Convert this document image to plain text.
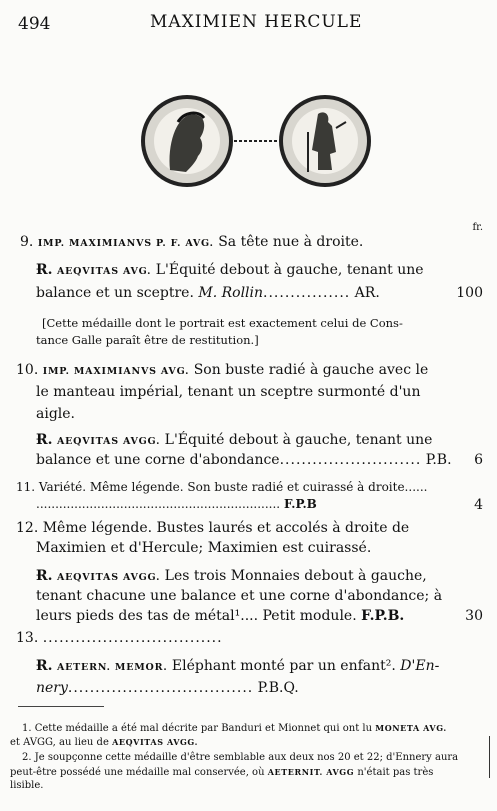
494	MAXIMIEN HERCULE
fr.
9. IMP. MAXIMIANVS P. F. AVG. Sa tête nue à droite.
Ɍ. AEQVITAS AVG. L'Équité debout à gauche, tenant une
balance et un sceptre. M. Rollin................ AR.	100
[Cette médaille dont le portrait est exactement celui de Cons-
tance Galle paraît être de restitution.]
10. IMP. MAXIMIANVS AVG. Son buste radié à gauche avec le
le manteau impérial, tenant un sceptre surmonté d'un
aigle.
Ɍ. AEQVITAS AVGG. L'Équité debout à gauche, tenant une
balance et une corne d'abondance.......................... P.B. 6
11. Variété. Même légende. Son buste radié et cuirassé à droite......
................................................................ F.P.B	4
12. Même légende. Bustes laurés et accolés à droite de
Maximien et d'Hercule; Maximien est cuirassé.
Ɍ. AEQVITAS AVGG. Les trois Monnaies debout à gauche,
tenant chacune une balance et une corne d'abondance; à
leurs pieds des tas de métal¹.... Petit module. F.P.B.	30
13. .................................
Ɍ. AETERN. MEMOR. Eléphant monté par un enfant². D'En-
nery.................................. P.B.Q.
1. Cette médaille a été mal décrite par Banduri et Mionnet qui ont lu MONETA AVG.
et AVGG, au lieu de AEQVITAS AVGG.
2. Je soupçonne cette médaille d'être semblable aux deux nos 20 et 22; d'Ennery aura
peut-être possédé une médaille mal conservée, où AETERNIT. AVGG n'était pas très
lisible.
